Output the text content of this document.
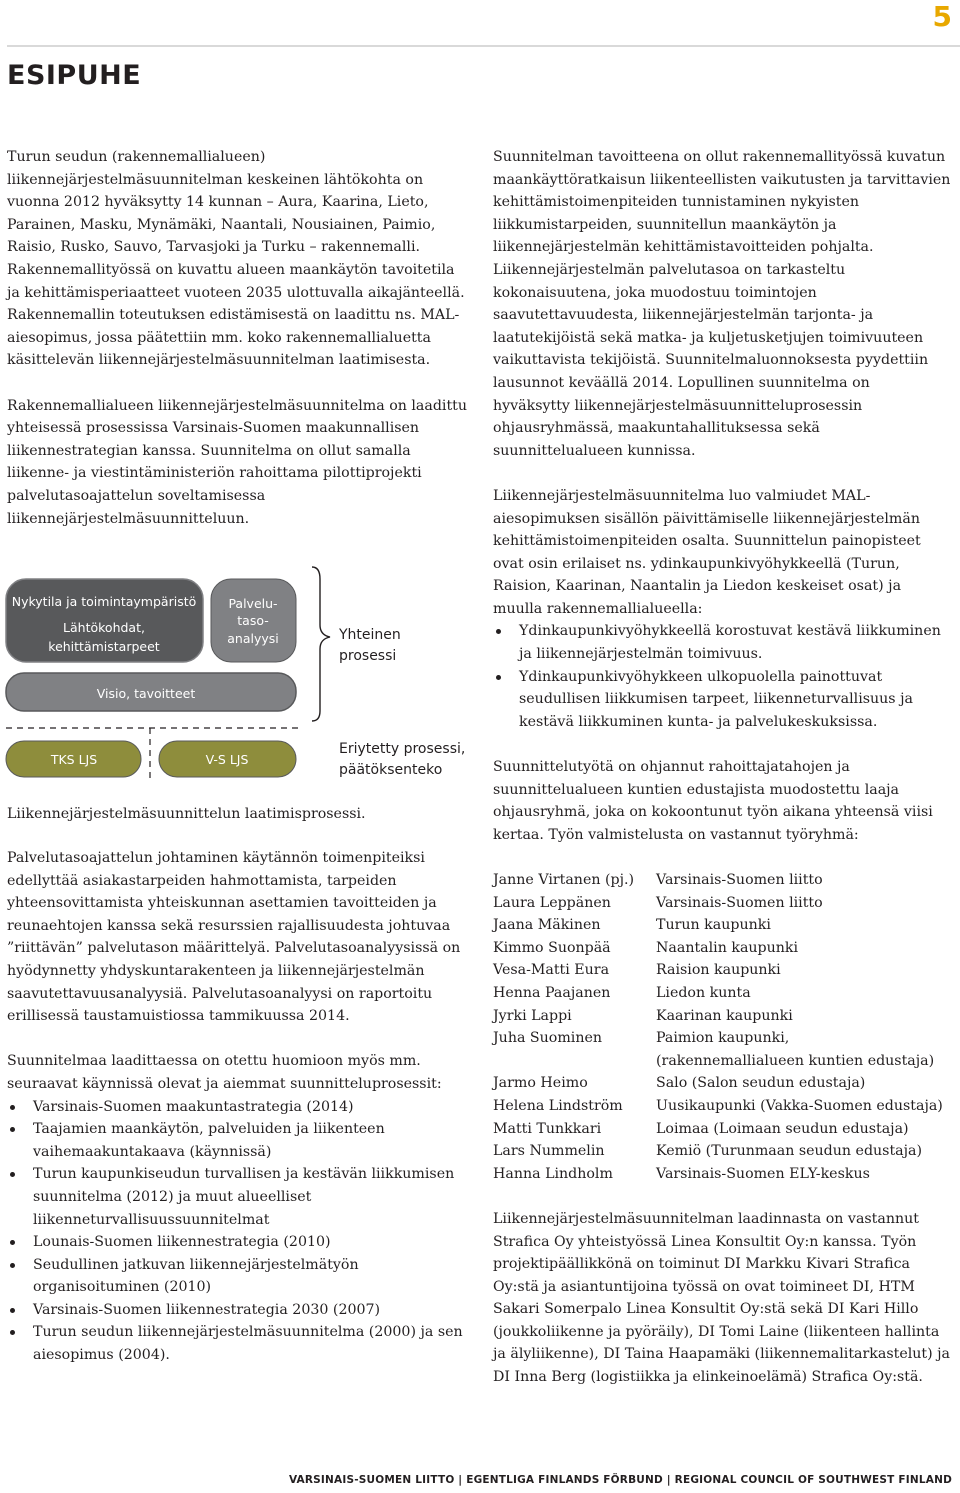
5
ESIPUHE

Turun seudun (rakennemallialueen) liikennejärjestelmäsuunnitelman keskeinen lähtökohta on vuonna 2012 hyväksytty 14 kunnan – Aura, Kaarina, Lieto, Parainen, Masku, Mynämäki, Naantali, Nousiainen, Paimio, Raisio, Rusko, Sauvo, Tarvasjoki ja Turku – rakennemalli. Rakennemallityössä on kuvattu alueen maankäytön tavoitetila ja kehittämisperiaatteet vuoteen 2035 ulottuvalla aikajänteellä. Rakennemallin toteutuksen edistämisestä on laadittu ns. MAL-aiesopimus, jossa päätettiin mm. koko rakennemallialuetta käsittelevän liikennejärjestelmäsuunnitelman laatimisesta.

Rakennemallialueen liikennejärjestelmäsuunnitelma on laadittu yhteisessä prosessissa Varsinais-Suomen maakunnallisen liikennestrategian kanssa. Suunnitelma on ollut samalla liikenne- ja viestintäministeriön rahoittama pilottiprojekti palvelutasoajattelun soveltamisessa liikennejärjestelmäsuunnitteluun.

Nykytila ja toimintaympäristö
Lähtökohdat,
kehittämistarpeet
Palvelu-
taso-
analyysi
Visio, tavoitteet
Yhteinen
prosessi
TKS LJS	V-S LJS
Eriytetty prosessi,
päätöksenteko
Liikennejärjestelmäsuunnittelun laatimisprosessi.

Palvelutasoajattelun johtaminen käytännön toimenpiteiksi edellyttää asiakastarpeiden hahmottamista, tarpeiden yhteensovittamista yhteiskunnan asettamien tavoitteiden ja reunaehtojen kanssa sekä resurssien rajallisuudesta johtuvaa ”riittävän” palvelutason määrittelyä. Palvelutasoanalyysissä on hyödynnetty yhdyskuntarakenteen ja liikennejärjestelmän saavutettavuusanalyysiä. Palvelutasoanalyysi on raportoitu erillisessä taustamuistiossa tammikuussa 2014.

Suunnitelmaa laadittaessa on otettu huomioon myös mm. seuraavat käynnissä olevat ja aiemmat suunnitteluprosessit:

Varsinais-Suomen maakuntastrategia (2014)
Taajamien maankäytön, palveluiden ja liikenteen vaihemaakuntakaava (käynnissä)
Turun kaupunkiseudun turvallisen ja kestävän liikkumisen suunnitelma (2012) ja muut alueelliset liikenneturvallisuussuunnitelmat
Lounais-Suomen liikennestrategia (2010)
Seudullinen jatkuvan liikennejärjestelmätyön organisoituminen (2010)
Varsinais-Suomen liikennestrategia 2030 (2007)
Turun seudun liikennejärjestelmäsuunnitelma (2000) ja sen aiesopimus (2004).

Suunnitelman tavoitteena on ollut rakennemallityössä kuvatun maankäyttöratkaisun liikenteellisten vaikutusten ja tarvittavien kehittämistoimenpiteiden tunnistaminen nykyisten liikkumistarpeiden, suunnitellun maankäytön ja liikennejärjestelmän kehittämistavoitteiden pohjalta. Liikennejärjestelmän palvelutasoa on tarkasteltu kokonaisuutena, joka muodostuu toimintojen saavutettavuudesta, liikennejärjestelmän tarjonta- ja laatutekijöistä sekä matka- ja kuljetusketjujen toimivuuteen vaikuttavista tekijöistä. Suunnitelmaluonnoksesta pyydettiin lausunnot keväällä 2014. Lopullinen suunnitelma on hyväksytty liikennejärjestelmäsuunnitteluprosessin ohjausryhmässä, maakuntahallituksessa sekä suunnittelualueen kunnissa.

Liikennejärjestelmäsuunnitelma luo valmiudet MAL-aiesopimuksen sisällön päivittämiselle liikennejärjestelmän kehittämistoimenpiteiden osalta. Suunnittelun painopisteet ovat osin erilaiset ns. ydinkaupunkivyöhykkeellä (Turun, Raision, Kaarinan, Naantalin ja Liedon keskeiset osat) ja muulla rakennemallialueella:

Ydinkaupunkivyöhykkeellä korostuvat kestävä liikkuminen ja liikennejärjestelmän toimivuus.
Ydinkaupunkivyöhykkeen ulkopuolella painottuvat seudullisen liikkumisen tarpeet, liikenneturvallisuus ja kestävä liikkuminen kunta- ja palvelukeskuksissa.

Suunnittelutyötä on ohjannut rahoittajatahojen ja suunnittelualueen kuntien edustajista muodostettu laaja ohjausryhmä, joka on kokoontunut työn aikana yhteensä viisi kertaa. Työn valmistelusta on vastannut työryhmä:

Janne Virtanen (pj.)	Varsinais-Suomen liitto
Laura Leppänen	Varsinais-Suomen liitto
Jaana Mäkinen	Turun kaupunki
Kimmo Suonpää	Naantalin kaupunki
Vesa-Matti Eura	Raision kaupunki
Henna Paajanen	Liedon kunta
Jyrki Lappi	Kaarinan kaupunki
Juha Suominen	Paimion kaupunki,
(rakennemallialueen kuntien edustaja)
Jarmo Heimo	Salo (Salon seudun edustaja)
Helena Lindström	Uusikaupunki (Vakka-Suomen edustaja)
Matti Tunkkari	Loimaa (Loimaan seudun edustaja)
Lars Nummelin	Kemiö (Turunmaan seudun edustaja)
Hanna Lindholm	Varsinais-Suomen ELY-keskus

Liikennejärjestelmäsuunnitelman laadinnasta on vastannut Strafica Oy yhteistyössä Linea Konsultit Oy:n kanssa. Työn projektipäällikkönä on toiminut DI Markku Kivari Strafica Oy:stä ja asiantuntijoina työssä on ovat toimineet DI, HTM Sakari Somerpalo Linea Konsultit Oy:stä sekä DI Kari Hillo (joukkoliikenne ja pyöräily), DI Tomi Laine (liikenteen hallinta ja älyliikenne), DI Taina Haapamäki (liikennemalitarkastelut) ja DI Inna Berg (logistiikka ja elinkeinoelämä) Strafica Oy:stä.

VARSINAIS-SUOMEN LIITTO | EGENTLIGA FINLANDS FÖRBUND | REGIONAL COUNCIL OF SOUTHWEST FINLAND
